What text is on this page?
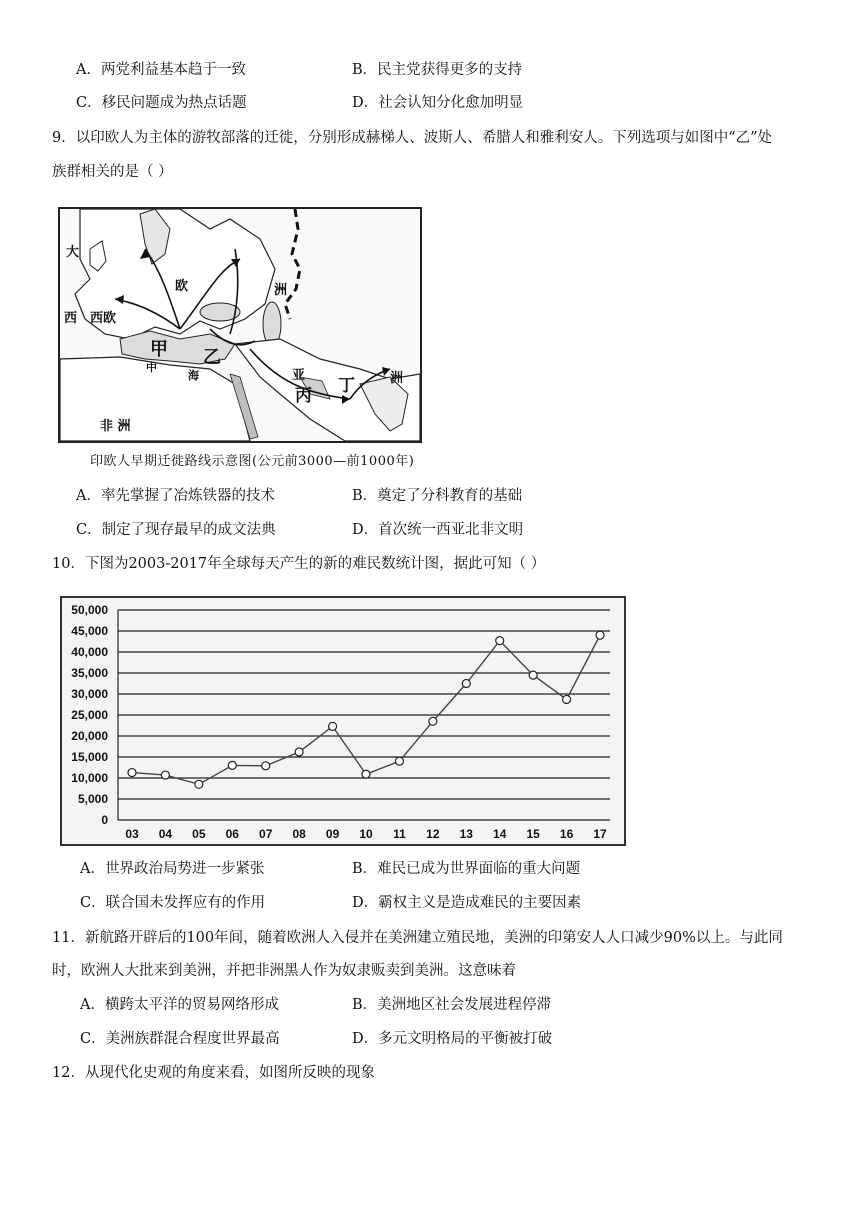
A．两党利益基本趋于一致	B．民主党获得更多的支持
C．移民问题成为热点话题	D．社会认知分化愈加明显
9．以印欧人为主体的游牧部落的迁徙，分别形成赫梯人、波斯人、希腊人和雅利安人。下列选项与如图中“乙”处
族群相关的是（ ）
大
西 西欧
欧	洲
甲 乙
中
海
丙
亚
丁	洲
非 洲
印欧人早期迁徙路线示意图(公元前3000—前1000年)
A．率先掌握了冶炼铁器的技术	B．奠定了分科教育的基础
C．制定了现存最早的成文法典	D．首次统一西亚北非文明
10．下图为2003-2017年全球每天产生的新的难民数统计图，据此可知（ ）
50,000
45,000
40,000
35,000
30,000
25,000
20,000
15,000
10,000
5,000
0
03 04 05 06 07 08 09 10 11 12 13 14 15 16 17
A．世界政治局势进一步紧张	B．难民已成为世界面临的重大问题
C．联合国未发挥应有的作用	D．霸权主义是造成难民的主要因素
11．新航路开辟后的100年间，随着欧洲人入侵并在美洲建立殖民地，美洲的印第安人人口减少90%以上。与此同
时，欧洲人大批来到美洲，并把非洲黑人作为奴隶贩卖到美洲。这意味着
A．横跨太平洋的贸易网络形成	B．美洲地区社会发展进程停滞
C．美洲族群混合程度世界最高	D．多元文明格局的平衡被打破
12．从现代化史观的角度来看，如图所反映的现象
